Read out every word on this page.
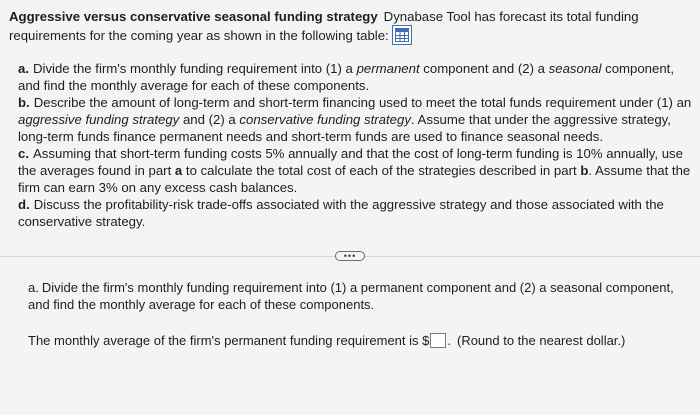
Aggressive versus conservative seasonal funding strategy Dynabase Tool has forecast its total funding requirements for the coming year as shown in the following table:

a. Divide the firm's monthly funding requirement into (1) a permanent component and (2) a seasonal component, and find the monthly average for each of these components.
b. Describe the amount of long-term and short-term financing used to meet the total funds requirement under (1) an aggressive funding strategy and (2) a conservative funding strategy. Assume that under the aggressive strategy, long-term funds finance permanent needs and short-term funds are used to finance seasonal needs.
c. Assuming that short-term funding costs 5% annually and that the cost of long-term funding is 10% annually, use the averages found in part a to calculate the total cost of each of the strategies described in part b. Assume that the firm can earn 3% on any excess cash balances.
d. Discuss the profitability-risk trade-offs associated with the aggressive strategy and those associated with the conservative strategy.
•••

a. Divide the firm's monthly funding requirement into (1) a permanent component and (2) a seasonal component, and find the monthly average for each of these components.

The monthly average of the firm's permanent funding requirement is $ . (Round to the nearest dollar.)
